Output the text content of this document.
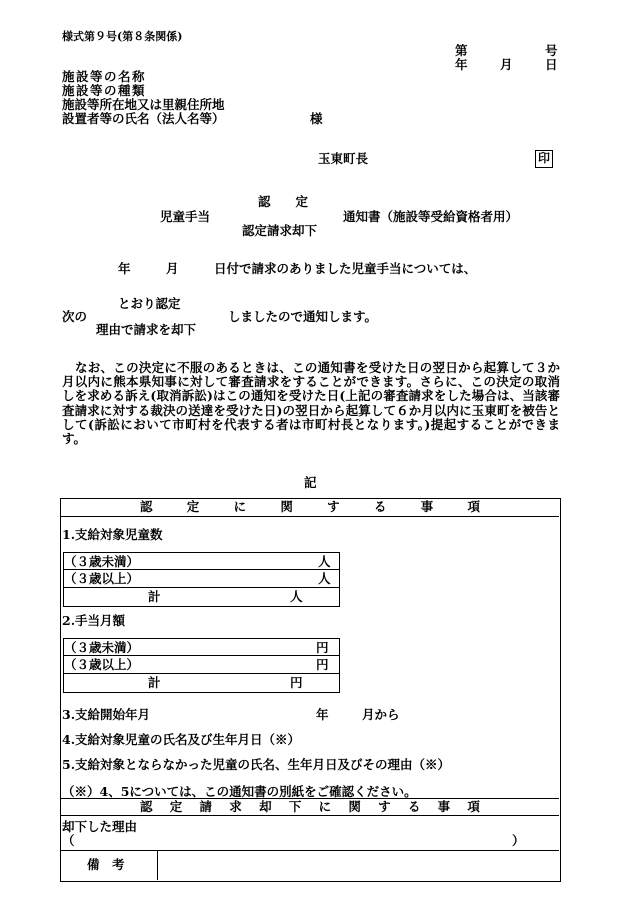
様式第９号(第８条関係)
第	号
年	月	日
施設等の名称
施設等の種類
施設等所在地又は里親住所地
設置者等の氏名（法人名等）	様
玉東町長	印
認　　定
児童手当
認定請求却下
通知書（施設等受給資格者用）
年	月	日付で請求のありました児童手当については、
とおり認定
次の	しましたので通知します。
理由で請求を却下
なお、この決定に不服のあるときは、この通知書を受けた日の翌日から起算して３か月以内に熊本県知事に対して審査請求をすることができます。さらに、この決定の取消しを求める訴え(取消訴訟)はこの通知を受けた日(上記の審査請求をした場合は、当該審査請求に対する裁決の送達を受けた日)の翌日から起算して６か月以内に玉東町を被告として(訴訟において市町村を代表する者は市町村長となります。)提起することができます。
記
認	定	に	関	す	る	事	項
1.支給対象児童数
（３歳未満）	人
（３歳以上）	人
計	人
2.手当月額
（３歳未満）	円
（３歳以上）	円
計	円
3.支給開始年月	年	月から
4.支給対象児童の氏名及び生年月日（※）
5.支給対象とならなかった児童の氏名、生年月日及びその理由（※）
（※）4、5については、この通知書の別紙をご確認ください。
認 定 請 求 却 下 に 関 す る 事 項
却下した理由
（	）
備　考
